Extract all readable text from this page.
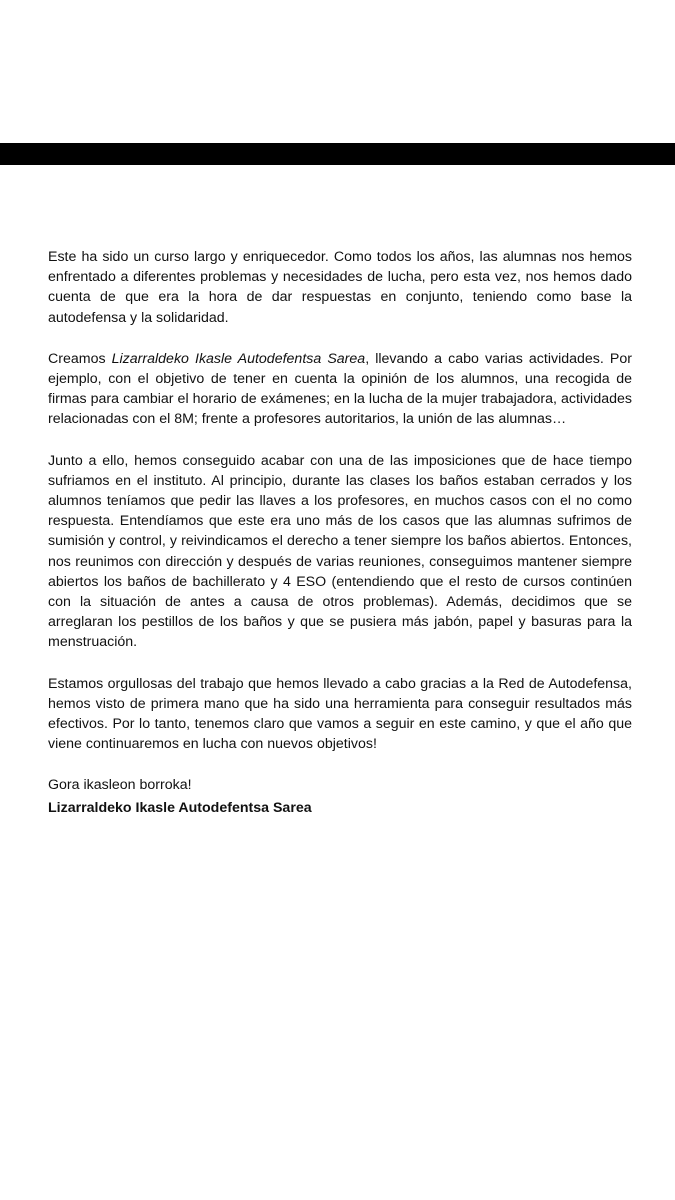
Este ha sido un curso largo y enriquecedor. Como todos los años, las alumnas nos hemos enfrentado a diferentes problemas y necesidades de lucha, pero esta vez, nos hemos dado cuenta de que era la hora de dar respuestas en conjunto, teniendo como base la autodefensa y la solidaridad.

Creamos Lizarraldeko Ikasle Autodefentsa Sarea, llevando a cabo varias actividades. Por ejemplo, con el objetivo de tener en cuenta la opinión de los alumnos, una recogida de firmas para cambiar el horario de exámenes; en la lucha de la mujer trabajadora, actividades relacionadas con el 8M; frente a profesores autoritarios, la unión de las alumnas…

Junto a ello, hemos conseguido acabar con una de las imposiciones que de hace tiempo sufriamos en el instituto. Al principio, durante las clases los baños estaban cerrados y los alumnos teníamos que pedir las llaves a los profesores, en muchos casos con el no como respuesta. Entendíamos que este era uno más de los casos que las alumnas sufrimos de sumisión y control, y reivindicamos el derecho a tener siempre los baños abiertos. Entonces, nos reunimos con dirección y después de varias reuniones, conseguimos mantener siempre abiertos los baños de bachillerato y 4 ESO (entendiendo que el resto de cursos continúen con la situación de antes a causa de otros problemas). Además, decidimos que se arreglaran los pestillos de los baños y que se pusiera más jabón, papel y basuras para la menstruación.

Estamos orgullosas del trabajo que hemos llevado a cabo gracias a la Red de Autodefensa, hemos visto de primera mano que ha sido una herramienta para conseguir resultados más efectivos. Por lo tanto, tenemos claro que vamos a seguir en este camino, y que el año que viene continuaremos en lucha con nuevos objetivos!

Gora ikasleon borroka!

Lizarraldeko Ikasle Autodefentsa Sarea
